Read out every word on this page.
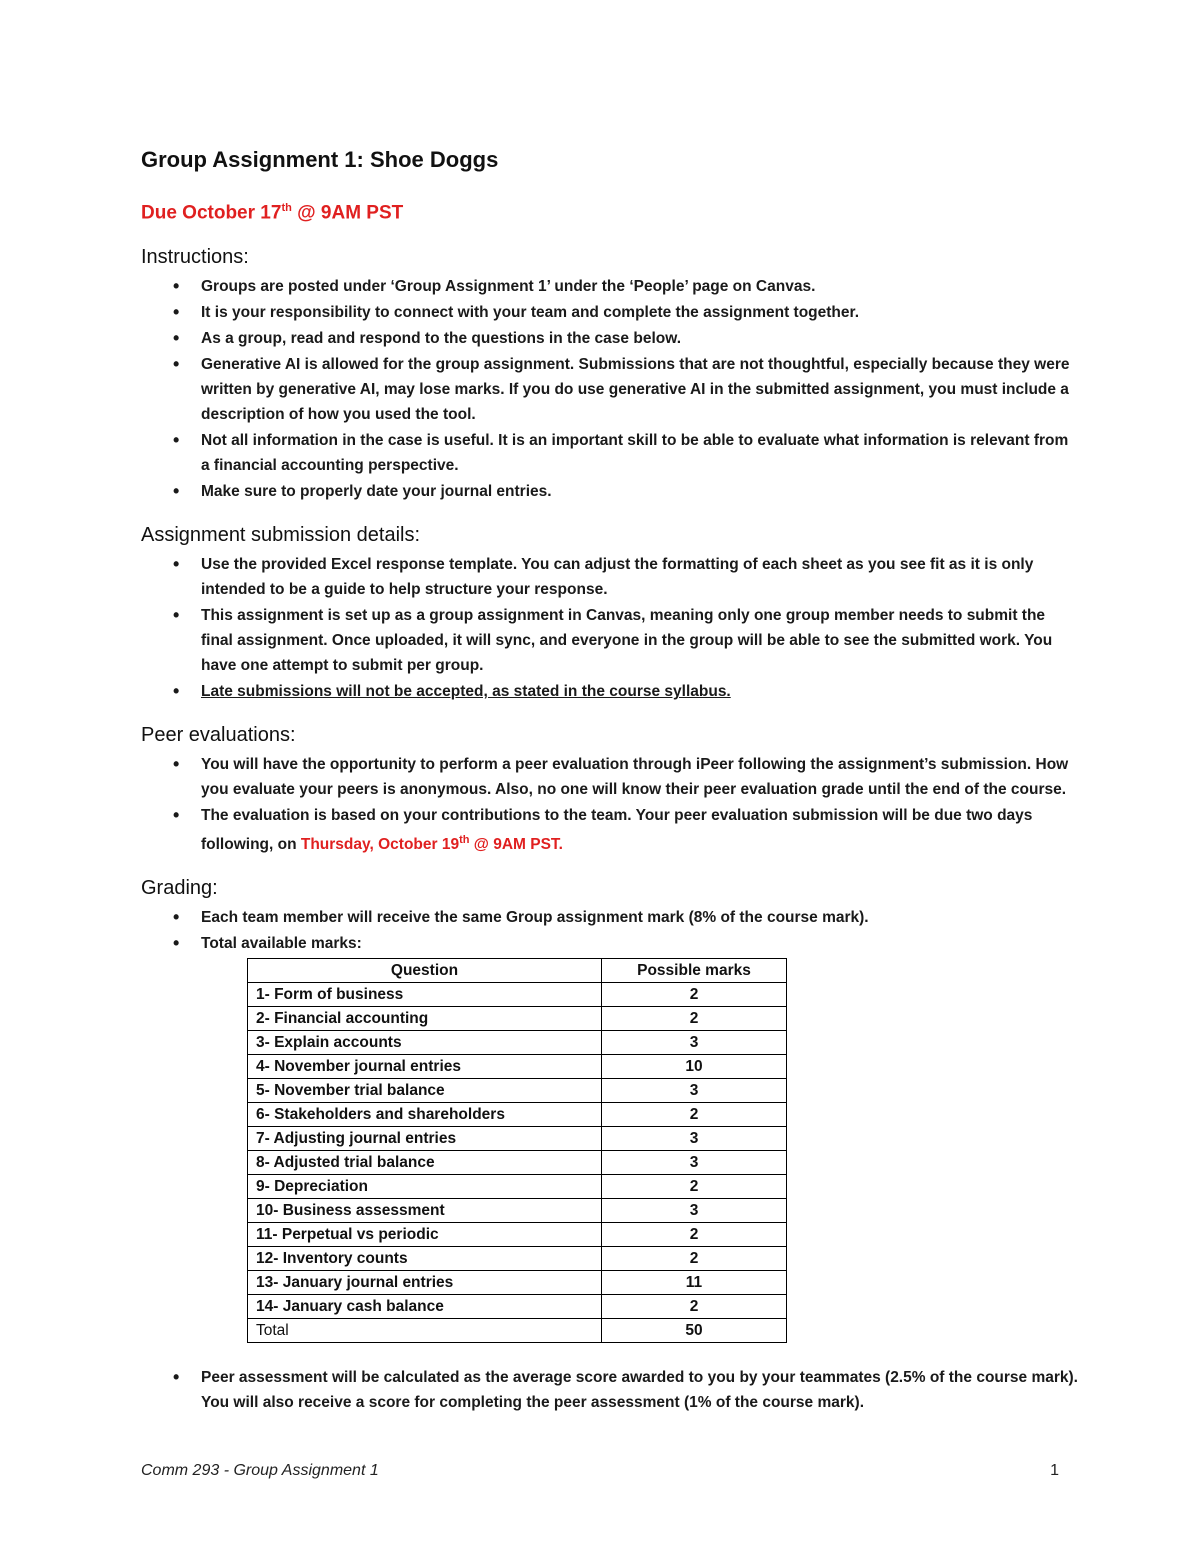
Group Assignment 1: Shoe Doggs

Due October 17th @ 9AM PST

Instructions:
• Groups are posted under ‘Group Assignment 1’ under the ‘People’ page on Canvas.
• It is your responsibility to connect with your team and complete the assignment together.
• As a group, read and respond to the questions in the case below.
• Generative AI is allowed for the group assignment. Submissions that are not thoughtful, especially because they were written by generative AI, may lose marks. If you do use generative AI in the submitted assignment, you must include a description of how you used the tool.
• Not all information in the case is useful. It is an important skill to be able to evaluate what information is relevant from a financial accounting perspective.
• Make sure to properly date your journal entries.
Assignment submission details:
• Use the provided Excel response template. You can adjust the formatting of each sheet as you see fit as it is only intended to be a guide to help structure your response.
• This assignment is set up as a group assignment in Canvas, meaning only one group member needs to submit the final assignment. Once uploaded, it will sync, and everyone in the group will be able to see the submitted work. You have one attempt to submit per group.
• Late submissions will not be accepted, as stated in the course syllabus.
Peer evaluations:
• You will have the opportunity to perform a peer evaluation through iPeer following the assignment’s submission. How you evaluate your peers is anonymous. Also, no one will know their peer evaluation grade until the end of the course.
• The evaluation is based on your contributions to the team. Your peer evaluation submission will be due two days following, on Thursday, October 19th @ 9AM PST.
Grading:
• Each team member will receive the same Group assignment mark (8% of the course mark).
• Total available marks:
Question	Possible marks
1- Form of business	2
2- Financial accounting	2
3- Explain accounts	3
4- November journal entries	10
5- November trial balance	3
6- Stakeholders and shareholders	2
7- Adjusting journal entries	3
8- Adjusted trial balance	3
9- Depreciation	2
10- Business assessment	3
11- Perpetual vs periodic	2
12- Inventory counts	2
13- January journal entries	11
14- January cash balance	2
Total	50
• Peer assessment will be calculated as the average score awarded to you by your teammates (2.5% of the course mark). You will also receive a score for completing the peer assessment (1% of the course mark).
Comm 293 - Group Assignment 1	1
